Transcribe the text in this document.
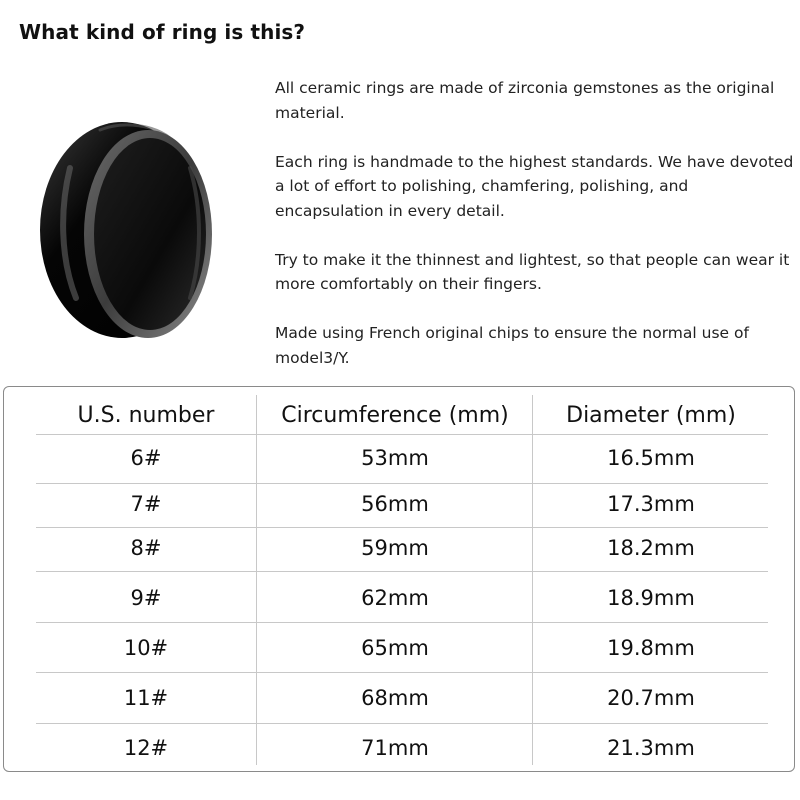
What kind of ring is this?

All ceramic rings are made of zirconia gemstones as the original material.

Each ring is handmade to the highest standards. We have devoted a lot of effort to polishing, chamfering, polishing, and encapsulation in every detail.

Try to make it the thinnest and lightest, so that people can wear it more comfortably on their fingers.

Made using French original chips to ensure the normal use of model3/Y.

U.S. number	Circumference (mm)	Diameter (mm)
6#	53mm	16.5mm
7#	56mm	17.3mm
8#	59mm	18.2mm
9#	62mm	18.9mm
10#	65mm	19.8mm
11#	68mm	20.7mm
12#	71mm	21.3mm
